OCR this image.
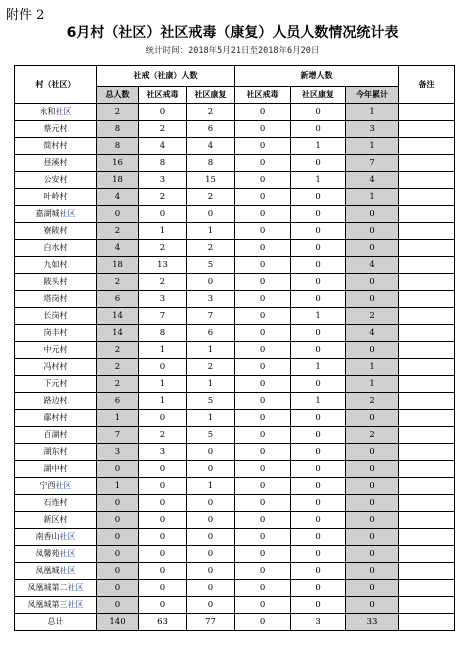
附件 2
6月村（社区）社区戒毒（康复）人员人数情况统计表
统计时间：2018年5月21日至2018年6月20日
村（社区）	社戒（社康）人数			新增人数			备注
	总人数	社区戒毒	社区康复	社区戒毒	社区康复	今年累计	
永和社区	2	0	2	0	0	1	
蔡元村	8	2	6	0	0	3	
简村村	8	4	4	0	1	1	
昼溪村	16	8	8	0	0	7	
公安村	18	3	15	0	1	4	
叶岭村	4	2	2	0	0	1	
嘉湖城社区	0	0	0	0	0	0	
寮陂村	2	1	1	0	0	0	
白水村	4	2	2	0	0	0	
九如村	18	13	5	0	0	4	
陂头村	2	2	0	0	0	0	
塔岗村	6	3	3	0	0	0	
长岗村	14	7	7	0	1	2	
岗丰村	14	8	6	0	0	4	
中元村	2	1	1	0	0	0	
冯村村	2	0	2	0	1	1	
下元村	2	1	1	0	0	1	
路边村	6	1	5	0	1	2	
鄢村村	1	0	1	0	0	0	
百湖村	7	2	5	0	0	2	
湖东村	3	3	0	0	0	0	
湖中村	0	0	0	0	0	0	
宁西社区	1	0	1	0	0	0	
石连村	0	0	0	0	0	0	
新区村	0	0	0	0	0	0	
南香山社区	0	0	0	0	0	0	
凤馨苑社区	0	0	0	0	0	0	
凤凰城社区	0	0	0	0	0	0	
凤凰城第二社区	0	0	0	0	0	0	
凤凰城第三社区	0	0	0	0	0	0	
总计	140	63	77	0	3	33	
